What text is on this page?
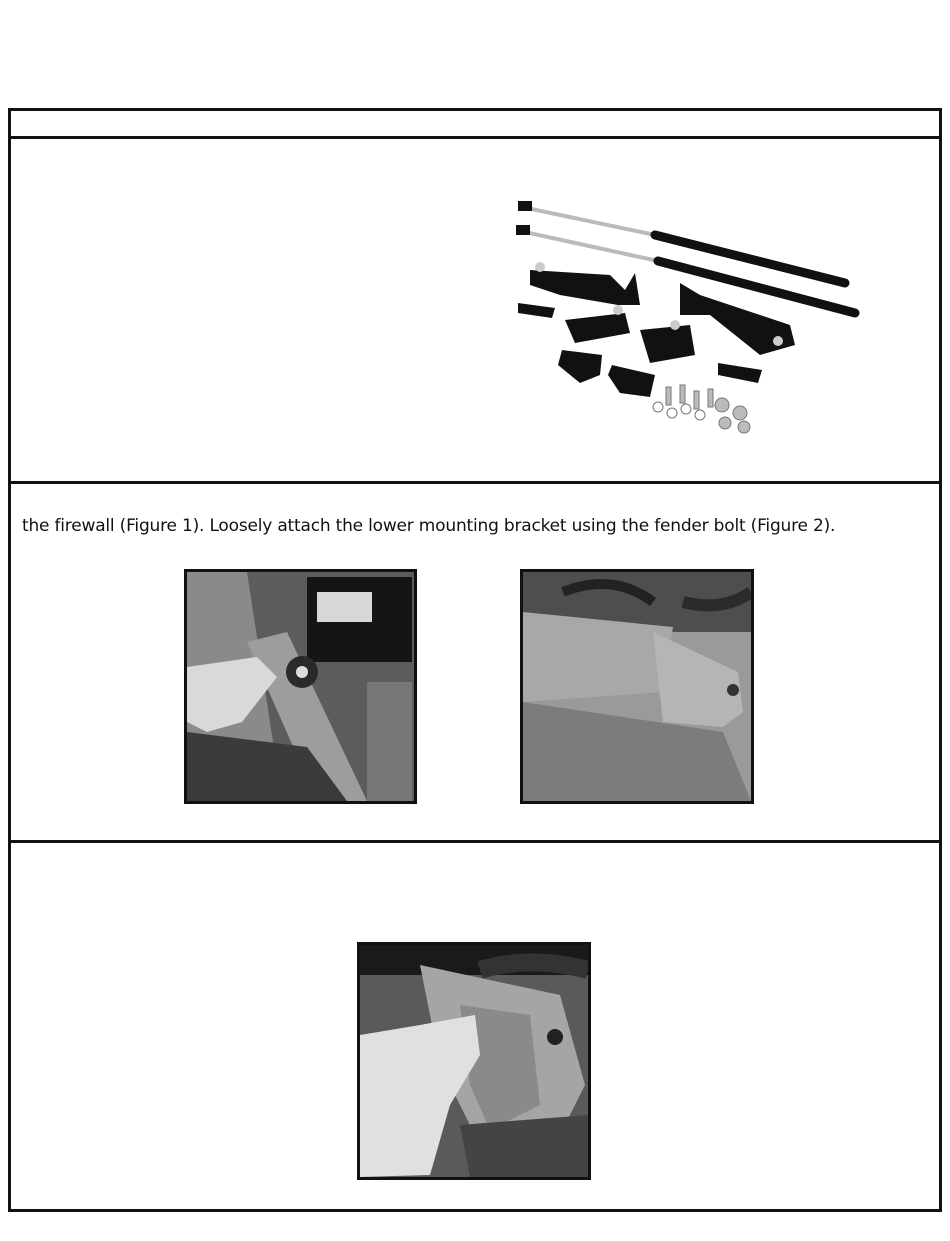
the firewall (Figure 1). Loosely attach the lower mounting bracket using the fender bolt (Figure 2).
